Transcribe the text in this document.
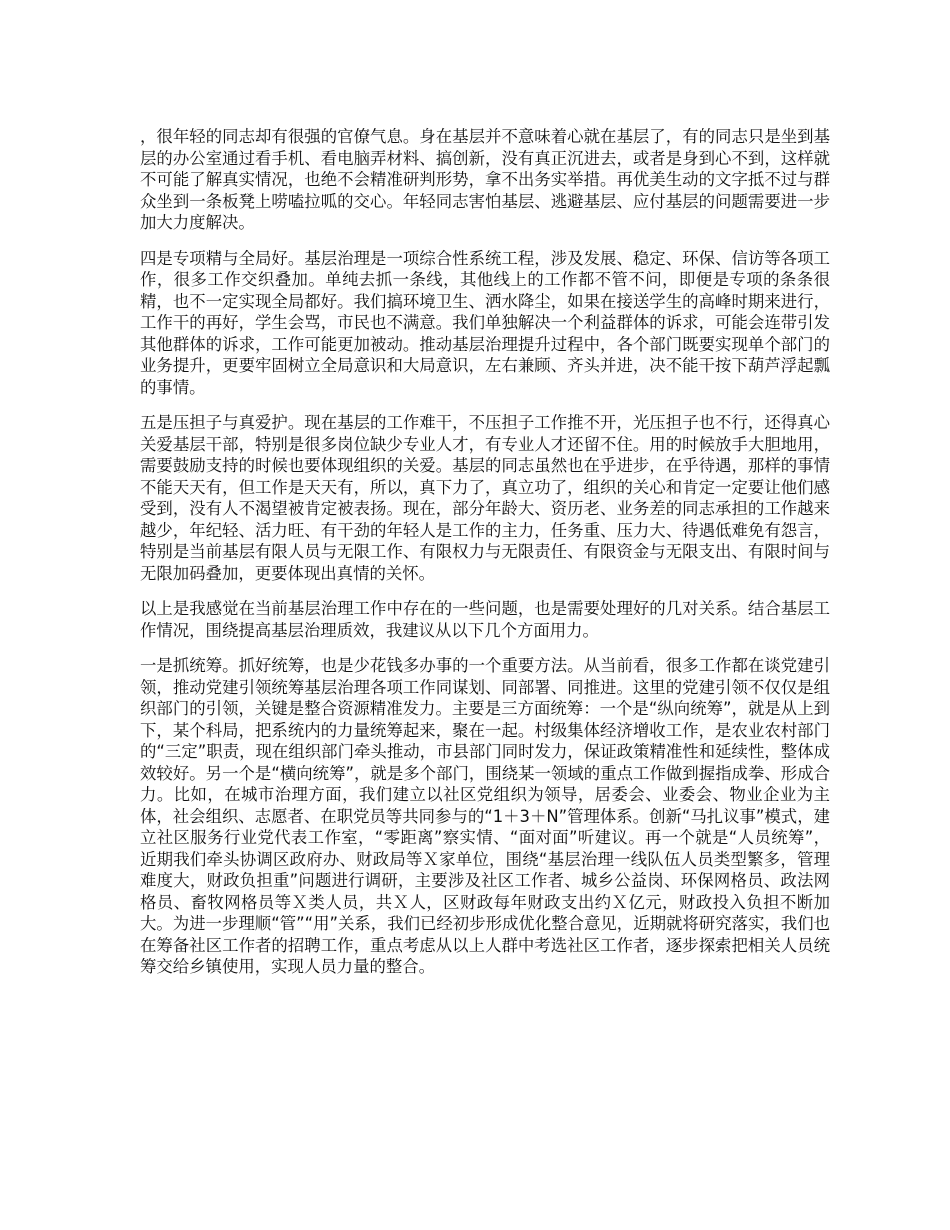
，很年轻的同志却有很强的官僚气息。身在基层并不意味着心就在基层了，有的同志只是坐到基层的办公室通过看手机、看电脑弄材料、搞创新，没有真正沉进去，或者是身到心不到，这样就不可能了解真实情况，也绝不会精准研判形势，拿不出务实举措。再优美生动的文字抵不过与群众坐到一条板凳上唠嗑拉呱的交心。年轻同志害怕基层、逃避基层、应付基层的问题需要进一步加大力度解决。

四是专项精与全局好。基层治理是一项综合性系统工程，涉及发展、稳定、环保、信访等各项工作，很多工作交织叠加。单纯去抓一条线，其他线上的工作都不管不问，即便是专项的条条很精，也不一定实现全局都好。我们搞环境卫生、洒水降尘，如果在接送学生的高峰时期来进行，工作干的再好，学生会骂，市民也不满意。我们单独解决一个利益群体的诉求，可能会连带引发其他群体的诉求，工作可能更加被动。推动基层治理提升过程中，各个部门既要实现单个部门的业务提升，更要牢固树立全局意识和大局意识，左右兼顾、齐头并进，决不能干按下葫芦浮起瓢的事情。

五是压担子与真爱护。现在基层的工作难干，不压担子工作推不开，光压担子也不行，还得真心关爱基层干部，特别是很多岗位缺少专业人才，有专业人才还留不住。用的时候放手大胆地用，需要鼓励支持的时候也要体现组织的关爱。基层的同志虽然也在乎进步，在乎待遇，那样的事情不能天天有，但工作是天天有，所以，真下力了，真立功了，组织的关心和肯定一定要让他们感受到，没有人不渴望被肯定被表扬。现在，部分年龄大、资历老、业务差的同志承担的工作越来越少，年纪轻、活力旺、有干劲的年轻人是工作的主力，任务重、压力大、待遇低难免有怨言，特别是当前基层有限人员与无限工作、有限权力与无限责任、有限资金与无限支出、有限时间与无限加码叠加，更要体现出真情的关怀。

以上是我感觉在当前基层治理工作中存在的一些问题，也是需要处理好的几对关系。结合基层工作情况，围绕提高基层治理质效，我建议从以下几个方面用力。

一是抓统筹。抓好统筹，也是少花钱多办事的一个重要方法。从当前看，很多工作都在谈党建引领，推动党建引领统筹基层治理各项工作同谋划、同部署、同推进。这里的党建引领不仅仅是组织部门的引领，关键是整合资源精准发力。主要是三方面统筹：一个是“纵向统筹”，就是从上到下，某个科局，把系统内的力量统筹起来，聚在一起。村级集体经济增收工作，是农业农村部门的“三定”职责，现在组织部门牵头推动，市县部门同时发力，保证政策精准性和延续性，整体成效较好。另一个是“横向统筹”，就是多个部门，围绕某一领域的重点工作做到握指成拳、形成合力。比如，在城市治理方面，我们建立以社区党组织为领导，居委会、业委会、物业企业为主体，社会组织、志愿者、在职党员等共同参与的“1＋3＋N”管理体系。创新“马扎议事”模式，建立社区服务行业党代表工作室，“零距离”察实情、“面对面”听建议。再一个就是“人员统筹”，近期我们牵头协调区政府办、财政局等Ｘ家单位，围绕“基层治理一线队伍人员类型繁多，管理难度大，财政负担重”问题进行调研，主要涉及社区工作者、城乡公益岗、环保网格员、政法网格员、畜牧网格员等Ｘ类人员，共Ｘ人，区财政每年财政支出约Ｘ亿元，财政投入负担不断加大。为进一步理顺“管”“用”关系，我们已经初步形成优化整合意见，近期就将研究落实，我们也在筹备社区工作者的招聘工作，重点考虑从以上人群中考选社区工作者，逐步探索把相关人员统筹交给乡镇使用，实现人员力量的整合。
